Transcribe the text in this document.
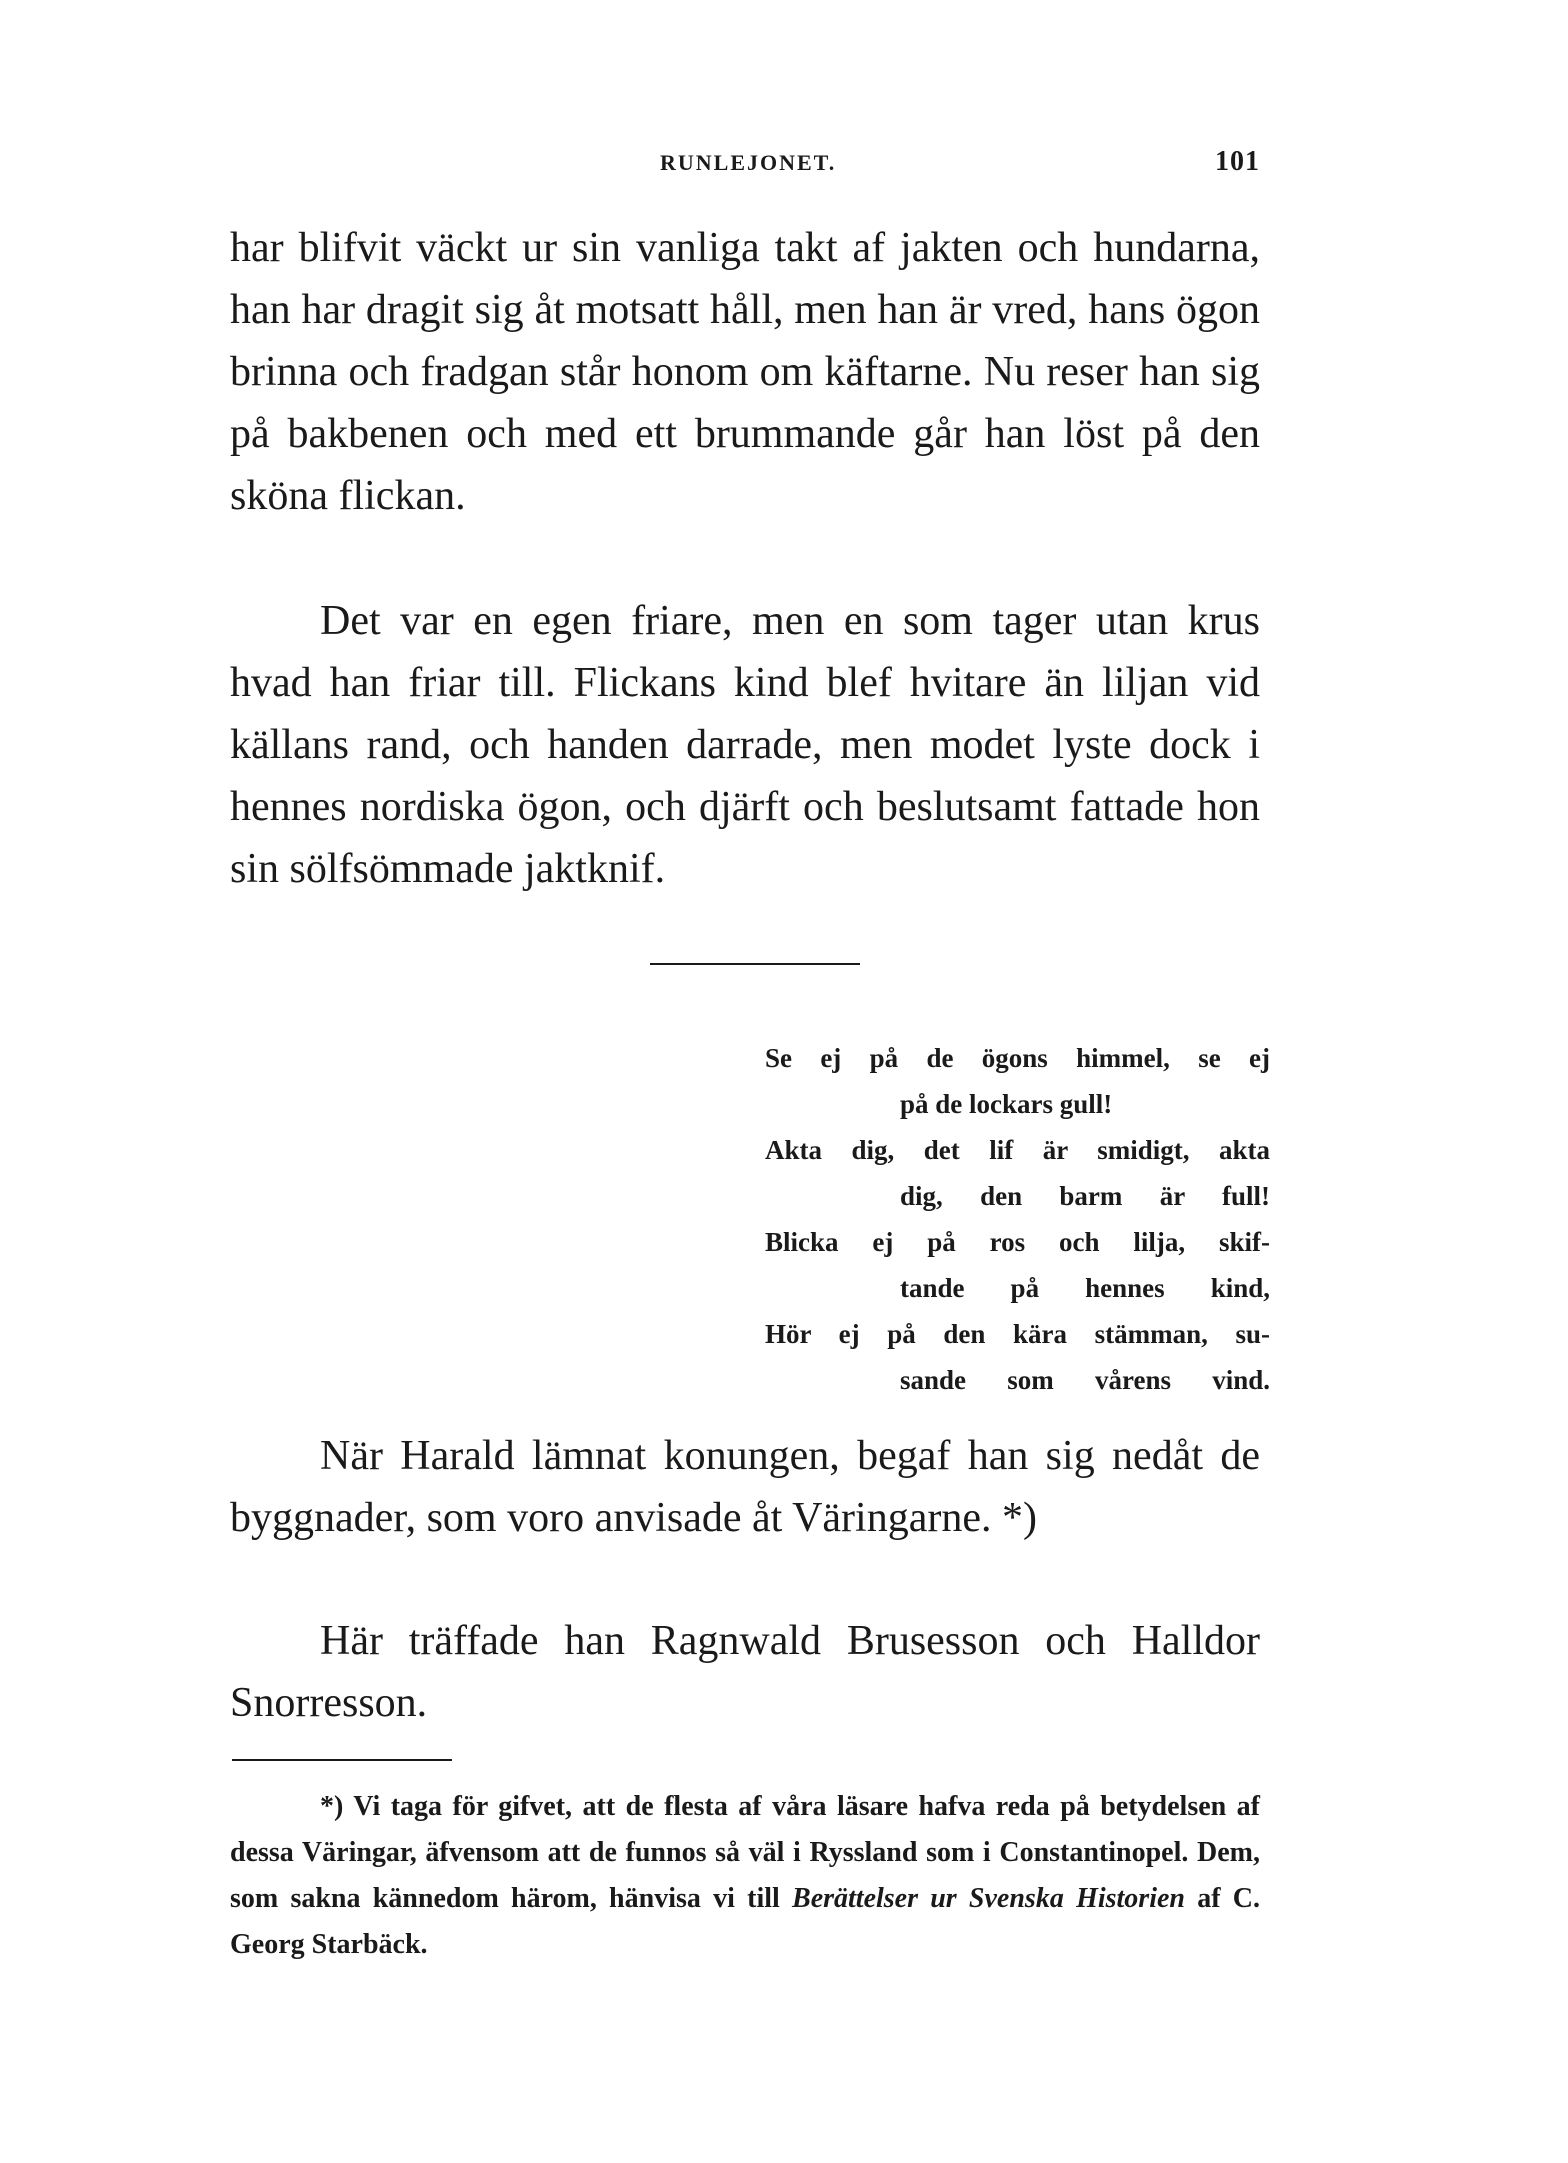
RUNLEJONET.	101

har blifvit väckt ur sin vanliga takt af jakten och hundarna, han har dragit sig åt motsatt håll, men han är vred, hans ögon brinna och fradgan står honom om käftarne. Nu reser han sig på bakbenen och med ett brummande går han löst på den sköna flickan.

Det var en egen friare, men en som tager utan krus hvad han friar till. Flickans kind blef hvitare än liljan vid källans rand, och handen darrade, men modet lyste dock i hennes nordiska ögon, och djärft och beslutsamt fattade hon sin sölfsömmade jaktknif.

Se ej på de ögons himmel, se ej
på de lockars gull!
Akta dig, det lif är smidigt, akta
dig, den barm är full!
Blicka ej på ros och lilja, skif-
tande på hennes kind,
Hör ej på den kära stämman, su-
sande som vårens vind.

När Harald lämnat konungen, begaf han sig nedåt de byggnader, som voro anvisade åt Väringarne. *)

Här träffade han Ragnwald Brusesson och Halldor Snorresson.

*) Vi taga för gifvet, att de flesta af våra läsare hafva reda på betydelsen af dessa Väringar, äfvensom att de funnos så väl i Ryssland som i Constantinopel. Dem, som sakna kännedom härom, hänvisa vi till Berättelser ur Svenska Historien af C. Georg Starbäck.
